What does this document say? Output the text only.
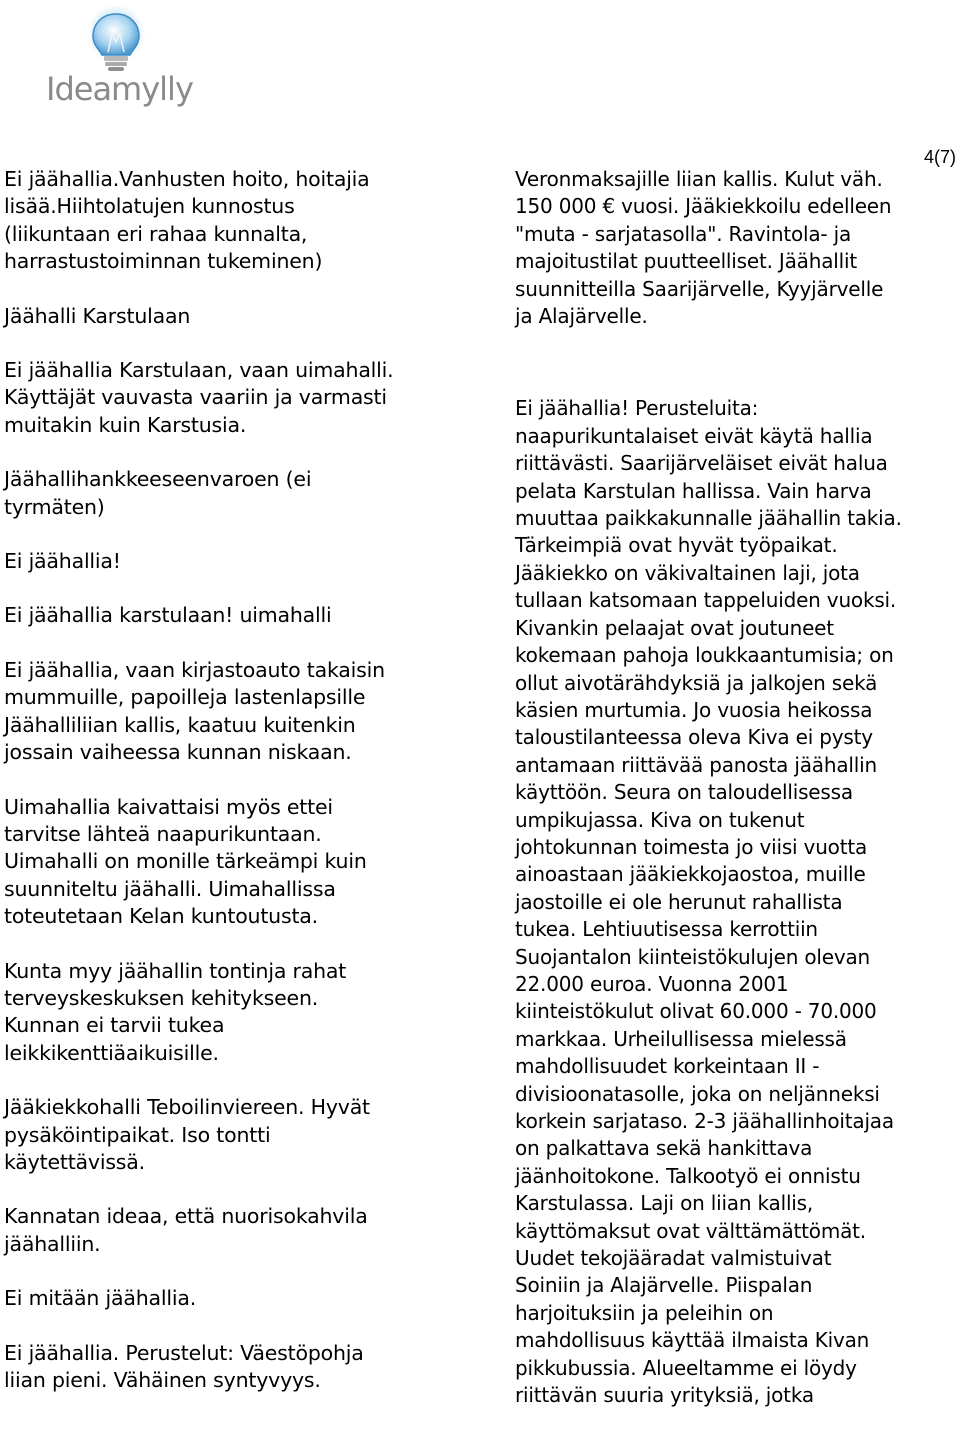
Ideamylly
4(7)

Ei jäähallia.Vanhusten hoito, hoitajia
lisää.Hiihtolatujen kunnostus
(liikuntaan eri rahaa kunnalta,
harrastustoiminnan tukeminen)

Jäähalli Karstulaan

Ei jäähallia Karstulaan, vaan uimahalli.
Käyttäjät vauvasta vaariin ja varmasti
muitakin kuin Karstusia.

Jäähallihankkeeseenvaroen (ei
tyrmäten)

Ei jäähallia!

Ei jäähallia karstulaan! uimahalli

Ei jäähallia, vaan kirjastoauto takaisin
mummuille, papoilleja lastenlapsille
Jäähalliliian kallis, kaatuu kuitenkin
jossain vaiheessa kunnan niskaan.

Uimahallia kaivattaisi myös ettei
tarvitse lähteä naapurikuntaan.
Uimahalli on monille tärkeämpi kuin
suunniteltu jäähalli. Uimahallissa
toteutetaan Kelan kuntoutusta.

Kunta myy jäähallin tontinja rahat
terveyskeskuksen kehitykseen.
Kunnan ei tarvii tukea
leikkikenttiäaikuisille.

Jääkiekkohalli Teboilinviereen. Hyvät
pysäköintipaikat. Iso tontti
käytettävissä.

Kannatan ideaa, että nuorisokahvila
jäähalliin.

Ei mitään jäähallia.

Ei jäähallia. Perustelut: Väestöpohja
liian pieni. Vähäinen syntyvyys.

Veronmaksajille liian kallis. Kulut väh.
150 000 € vuosi. Jääkiekkoilu edelleen
"muta - sarjatasolla". Ravintola- ja
majoitustilat puutteelliset. Jäähallit
suunnitteilla Saarijärvelle, Kyyjärvelle
ja Alajärvelle.

Ei jäähallia! Perusteluita:
naapurikuntalaiset eivät käytä hallia
riittävästi. Saarijärveläiset eivät halua
pelata Karstulan hallissa. Vain harva
muuttaa paikkakunnalle jäähallin takia.
Tärkeimpiä ovat hyvät työpaikat.
Jääkiekko on väkivaltainen laji, jota
tullaan katsomaan tappeluiden vuoksi.
Kivankin pelaajat ovat joutuneet
kokemaan pahoja loukkaantumisia; on
ollut aivotärähdyksiä ja jalkojen sekä
käsien murtumia. Jo vuosia heikossa
taloustilanteessa oleva Kiva ei pysty
antamaan riittävää panosta jäähallin
käyttöön. Seura on taloudellisessa
umpikujassa. Kiva on tukenut
johtokunnan toimesta jo viisi vuotta
ainoastaan jääkiekkojaostoa, muille
jaostoille ei ole herunut rahallista
tukea. Lehtiuutisessa kerrottiin
Suojantalon kiinteistökulujen olevan
22.000 euroa. Vuonna 2001
kiinteistökulut olivat 60.000 - 70.000
markkaa. Urheilullisessa mielessä
mahdollisuudet korkeintaan II -
divisioonatasolle, joka on neljänneksi
korkein sarjataso. 2-3 jäähallinhoitajaa
on palkattava sekä hankittava
jäänhoitokone. Talkootyö ei onnistu
Karstulassa. Laji on liian kallis,
käyttömaksut ovat välttämättömät.
Uudet tekojääradat valmistuivat
Soiniin ja Alajärvelle. Piispalan
harjoituksiin ja peleihin on
mahdollisuus käyttää ilmaista Kivan
pikkubussia. Alueeltamme ei löydy
riittävän suuria yrityksiä, jotka
